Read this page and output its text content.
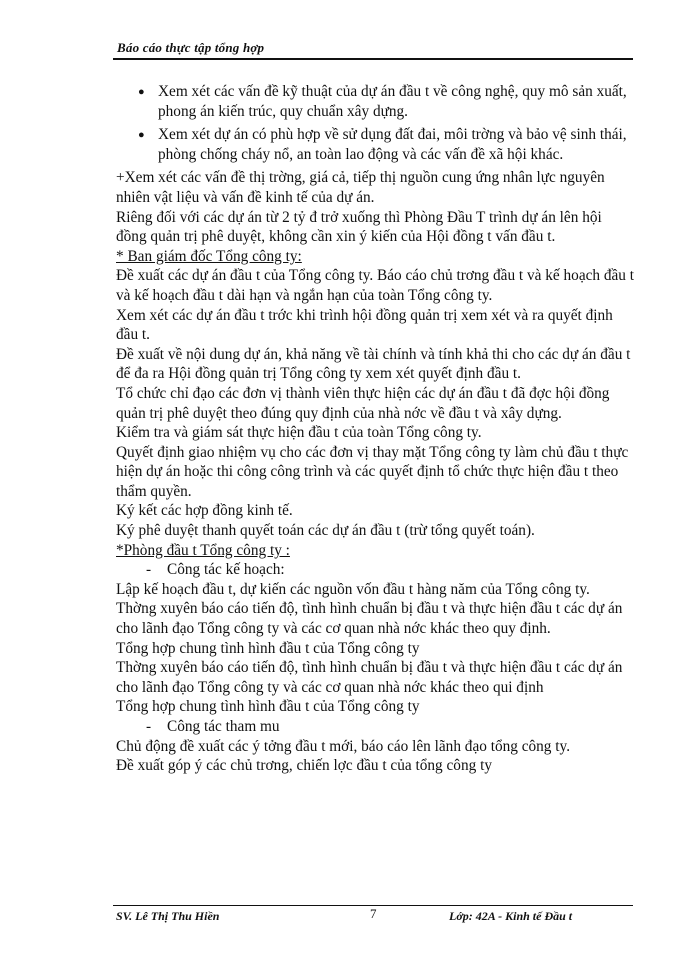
Báo cáo thực tập tổng hợp
● Xem xét các vấn đề kỹ thuật của dự án đầu t về công nghệ, quy mô sản xuất, phong án kiến trúc, quy chuẩn xây dựng.
● Xem xét dự án có phù hợp về sử dụng đất đai, môi trờng và bảo vệ sinh thái, phòng chống cháy nổ, an toàn lao động và các vấn đề xã hội khác.

+Xem xét các vấn đề thị trờng, giá cả, tiếp thị nguồn cung ứng nhân lực nguyên nhiên vật liệu và vấn đề kinh tế của dự án.

Riêng đối với các dự án từ 2 tỷ đ trở xuống thì Phòng Đầu T trình dự án lên hội đồng quản trị phê duyệt, không cần xin ý kiến của Hội đồng t vấn đầu t.

* Ban giám đốc Tổng công ty:

Đề xuất các dự án đầu t của Tổng công ty. Báo cáo chủ trơng đầu t và kế hoạch đầu t và kế hoạch đầu t dài hạn và ngắn hạn của toàn Tổng công ty.

Xem xét các dự án đầu t trớc khi trình hội đồng quản trị xem xét và ra quyết định đầu t.

Đề xuất về nội dung dự án, khả năng về tài chính và tính khả thi cho các dự án đầu t để đa ra Hội đồng quản trị Tổng công ty xem xét quyết định đầu t.

Tổ chức chỉ đạo các đơn vị thành viên thực hiện các dự án đầu t đã đợc hội đồng quản trị phê duyệt theo đúng quy định của nhà nớc về đầu t và xây dựng.

Kiểm tra và giám sát thực hiện đầu t của toàn Tổng công ty.

Quyết định giao nhiệm vụ cho các đơn vị thay mặt Tổng công ty làm chủ đầu t thực hiện dự án hoặc thi công công trình và các quyết định tổ chức thực hiện đầu t theo thẩm quyền.

Ký kết các hợp đồng kinh tế.

Ký phê duyệt thanh quyết toán các dự án đầu t (trừ tổng quyết toán).

*Phòng đầu t Tổng công ty :

- Công tác kế hoạch:

Lập kế hoạch đầu t, dự kiến các nguồn vốn đầu t hàng năm của Tổng công ty.

Thờng xuyên báo cáo tiến độ, tình hình chuẩn bị đầu t và thực hiện đầu t các dự án cho lãnh đạo Tổng công ty và các cơ quan nhà nớc khác theo quy định.

Tổng hợp chung tình hình đầu t của Tổng công ty

Thờng xuyên báo cáo tiến độ, tình hình chuẩn bị đầu t và thực hiện đầu t các dự án cho lãnh đạo Tổng công ty và các cơ quan nhà nớc khác theo qui định

Tổng hợp chung tình hình đầu t của Tổng công ty

- Công tác tham mu

Chủ động đề xuất các ý tởng đầu t mới, báo cáo lên lãnh đạo tổng công ty.

Đề xuất góp ý các chủ trơng, chiến lợc đầu t của tổng công ty

SV. Lê Thị Thu Hiền	7	Lớp: 42A - Kinh tế Đầu t
